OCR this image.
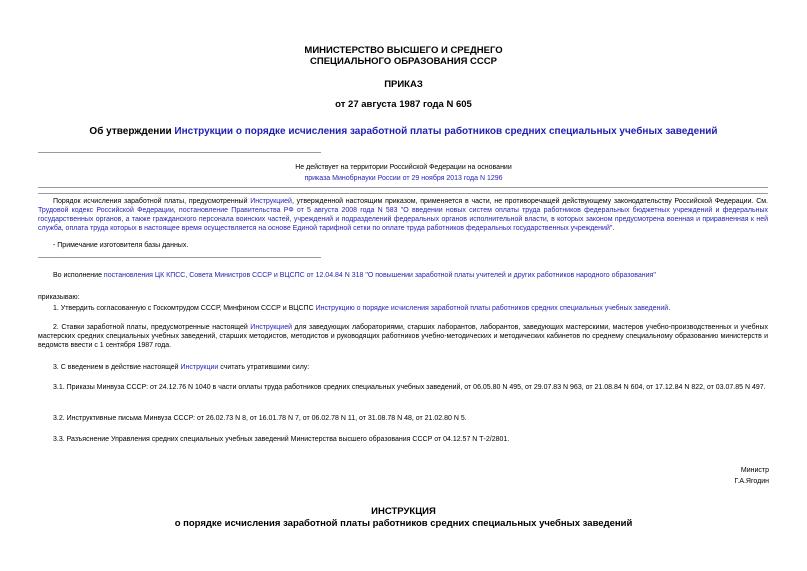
МИНИСТЕРСТВО ВЫСШЕГО И СРЕДНЕГО
СПЕЦИАЛЬНОГО ОБРАЗОВАНИЯ СССР
ПРИКАЗ
от 27 августа 1987 года N 605
Об утверждении Инструкции о порядке исчисления заработной платы работников средних специальных учебных заведений
Не действует на территории Российской Федерации на основании
приказа Минобрнауки России от 29 ноября 2013 года N 1296
Порядок исчисления заработной платы, предусмотренный Инструкцией, утвержденной настоящим приказом, применяется в части, не противоречащей действующему законодательству Российской Федерации. См. Трудовой кодекс Российской Федерации, постановление Правительства РФ от 5 августа 2008 года N 583 "О введении новых систем оплаты труда работников федеральных бюджетных учреждений и федеральных государственных органов, а также гражданского персонала воинских частей, учреждений и подразделений федеральных органов исполнительной власти, в которых законом предусмотрена военная и приравненная к ней служба, оплата труда которых в настоящее время осуществляется на основе Единой тарифной сетки по оплате труда работников федеральных государственных учреждений".
- Примечание изготовителя базы данных.
Во исполнение постановления ЦК КПСС, Совета Министров СССР и ВЦСПС от 12.04.84 N 318 "О повышении заработной платы учителей и других работников народного образования"
приказываю:
1. Утвердить согласованную с Госкомтрудом СССР, Минфином СССР и ВЦСПС Инструкцию о порядке исчисления заработной платы работников средних специальных учебных заведений.
2. Ставки заработной платы, предусмотренные настоящей Инструкцией для заведующих лабораториями, старших лаборантов, лаборантов, заведующих мастерскими, мастеров учебно-производственных и учебных мастерских средних специальных учебных заведений, старших методистов, методистов и руководящих работников учебно-методических и методических кабинетов по среднему специальному образованию министерств и ведомств ввести с 1 сентября 1987 года.
3. С введением в действие настоящей Инструкции считать утратившими силу:
3.1. Приказы Минвуза СССР: от 24.12.76 N 1040 в части оплаты труда работников средних специальных учебных заведений, от 06.05.80 N 495, от 29.07.83 N 963, от 21.08.84 N 604, от 17.12.84 N 822, от 03.07.85 N 497.
3.2. Инструктивные письма Минвуза СССР: от 26.02.73 N 8, от 16.01.78 N 7, от 06.02.78 N 11, от 31.08.78 N 48, от 21.02.80 N 5.
3.3. Разъяснение Управления средних специальных учебных заведений Министерства высшего образования СССР от 04.12.57 N Т-2/2801.
Министр
Г.А.Ягодин
ИНСТРУКЦИЯ
о порядке исчисления заработной платы работников средних специальных учебных заведений
